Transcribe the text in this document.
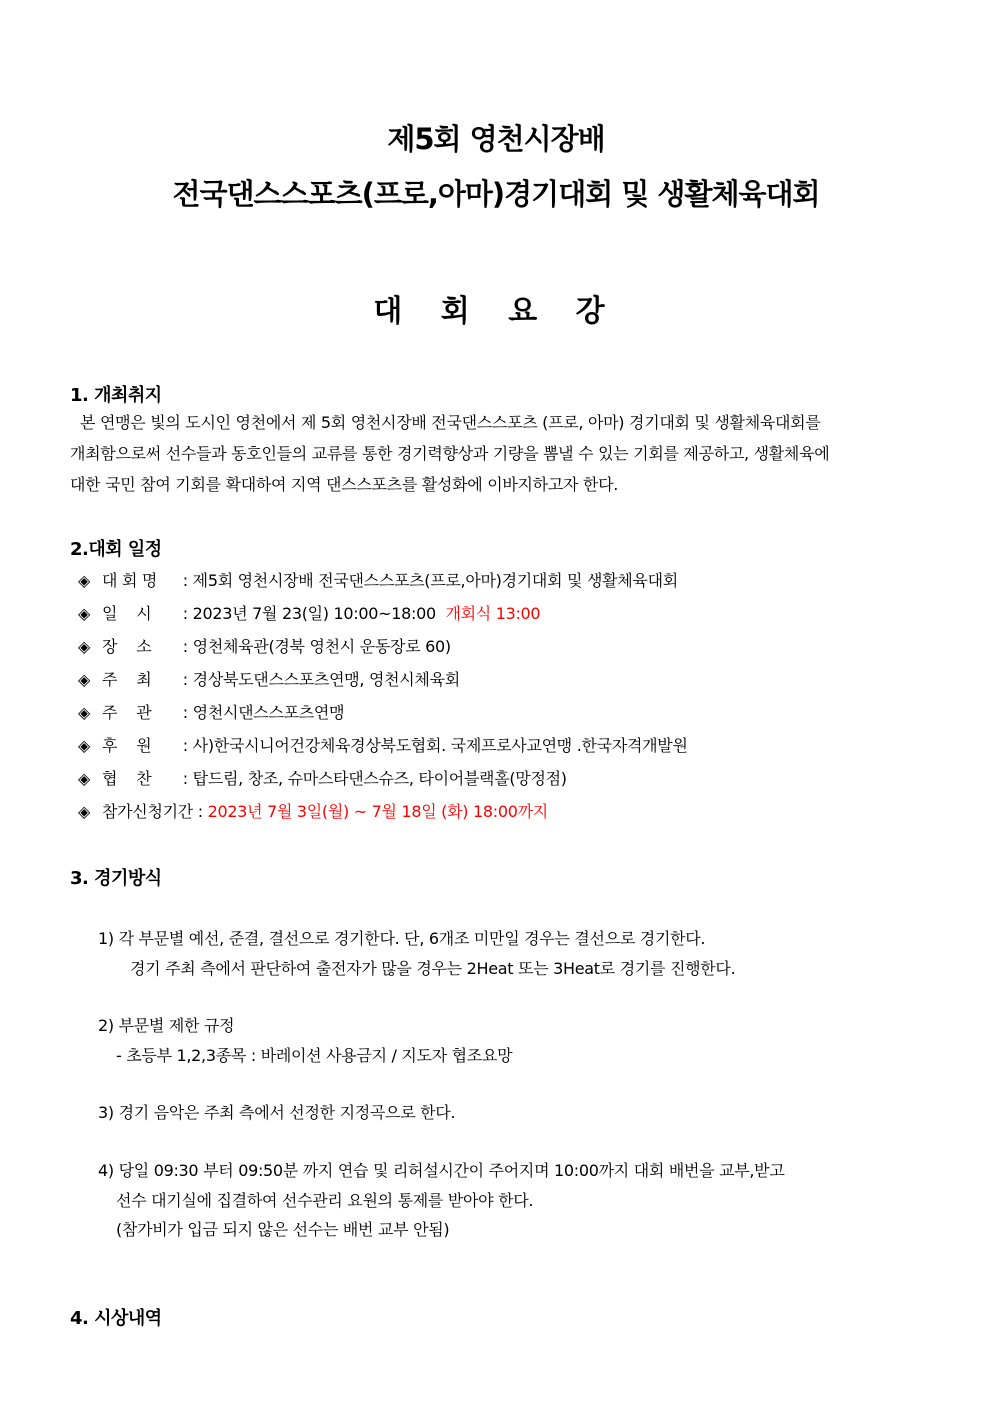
제5회 영천시장배
전국댄스스포츠(프로,아마)경기대회 및 생활체육대회
대 회 요 강
1. 개최취지

본 연맹은 빛의 도시인 영천에서 제 5회 영천시장배 전국댄스스포츠 (프로, 아마) 경기대회 및 생활체육대회를

개최함으로써 선수들과 동호인들의 교류를 통한 경기력향상과 기량을 뽐낼 수 있는 기회를 제공하고, 생활체육에

대한 국민 참여 기회를 확대하여 지역 댄스스포츠를 활성화에 이바지하고자 한다.

2.대회 일정
◈ 대 회 명 : 제5회 영천시장배 전국댄스스포츠(프로,아마)경기대회 및 생활체육대회
◈ 일    시 : 2023년 7월 23(일) 10:00~18:00  개회식 13:00
◈ 장    소 : 영천체육관(경북 영천시 운동장로 60)
◈ 주    최 : 경상북도댄스스포츠연맹, 영천시체육회
◈ 주    관 : 영천시댄스스포츠연맹
◈ 후    원 : 사)한국시니어건강체육경상북도협회. 국제프로사교연맹 .한국자격개발원
◈ 협    찬 : 탑드림, 창조, 슈마스타댄스슈즈, 타이어블랙홀(망정점)
◈ 참가신청기간 : 2023년 7월 3일(월) ~ 7월 18일 (화) 18:00까지
3. 경기방식
1) 각 부문별 예선, 준결, 결선으로 경기한다. 단, 6개조 미만일 경우는 결선으로 경기한다.
경기 주최 측에서 판단하여 출전자가 많을 경우는 2Heat 또는 3Heat로 경기를 진행한다.
2) 부문별 제한 규정
- 초등부 1,2,3종목 : 바레이션 사용금지 / 지도자 협조요망
3) 경기 음악은 주최 측에서 선정한 지정곡으로 한다.
4) 당일 09:30 부터 09:50분 까지 연습 및 리허설시간이 주어지며 10:00까지 대회 배번을 교부,받고
선수 대기실에 집결하여 선수관리 요원의 통제를 받아야 한다.
(참가비가 입금 되지 않은 선수는 배번 교부 안됨)
4. 시상내역
